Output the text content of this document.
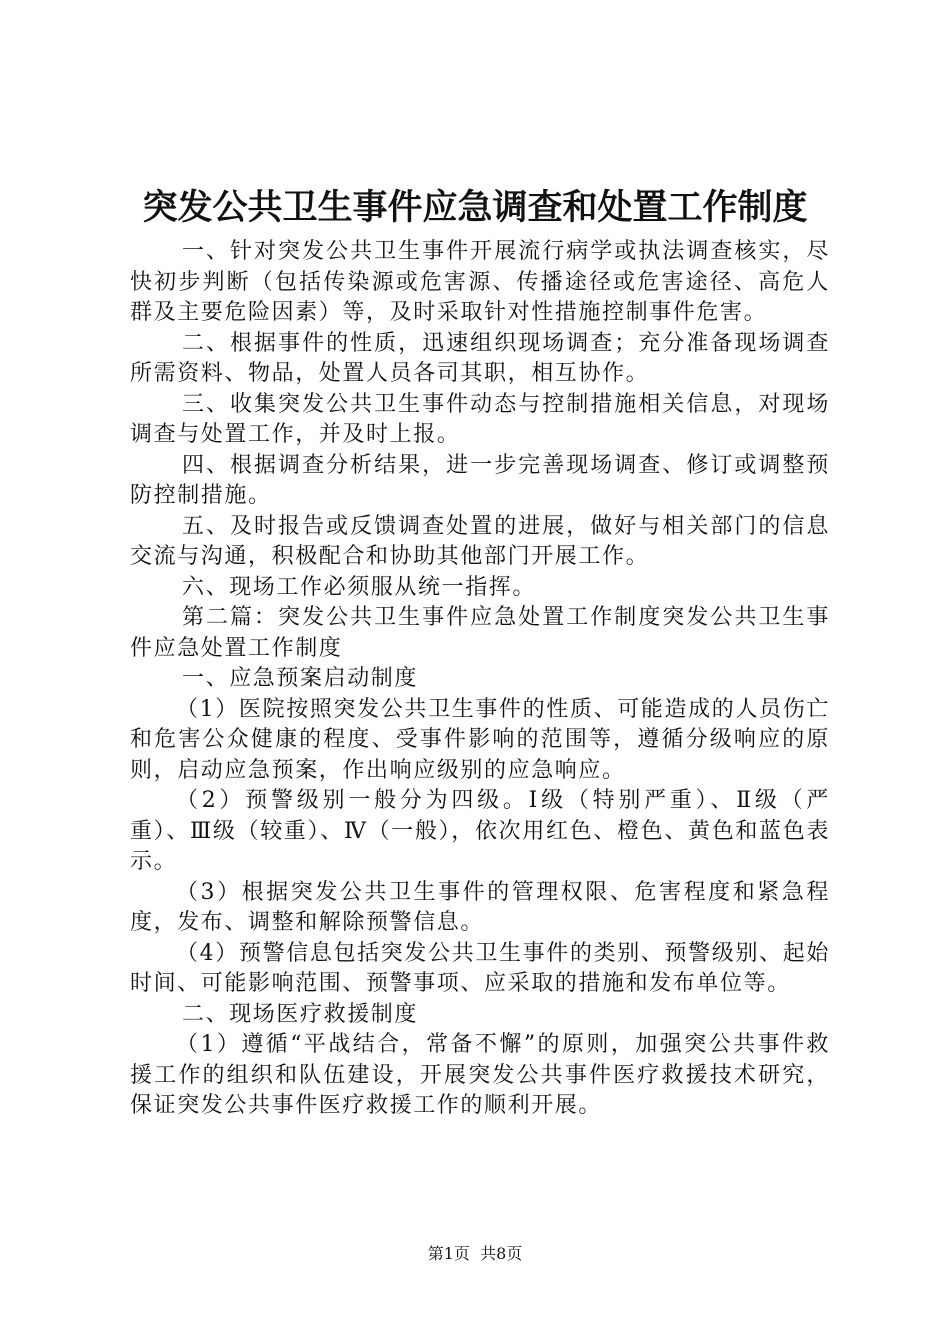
突发公共卫生事件应急调查和处置工作制度

一、针对突发公共卫生事件开展流行病学或执法调查核实，尽快初步判断（包括传染源或危害源、传播途径或危害途径、高危人群及主要危险因素）等，及时采取针对性措施控制事件危害。

二、根据事件的性质，迅速组织现场调查；充分准备现场调查所需资料、物品，处置人员各司其职，相互协作。

三、收集突发公共卫生事件动态与控制措施相关信息，对现场调查与处置工作，并及时上报。

四、根据调查分析结果，进一步完善现场调查、修订或调整预防控制措施。

五、及时报告或反馈调查处置的进展，做好与相关部门的信息交流与沟通，积极配合和协助其他部门开展工作。

六、现场工作必须服从统一指挥。

第二篇：突发公共卫生事件应急处置工作制度突发公共卫生事件应急处置工作制度

一、应急预案启动制度

（1）医院按照突发公共卫生事件的性质、可能造成的人员伤亡和危害公众健康的程度、受事件影响的范围等，遵循分级响应的原则，启动应急预案，作出响应级别的应急响应。

（2）预警级别一般分为四级。Ⅰ级（特别严重）、Ⅱ级（严重）、Ⅲ级（较重）、Ⅳ（一般），依次用红色、橙色、黄色和蓝色表示。

（3）根据突发公共卫生事件的管理权限、危害程度和紧急程度，发布、调整和解除预警信息。

（4）预警信息包括突发公共卫生事件的类别、预警级别、起始时间、可能影响范围、预警事项、应采取的措施和发布单位等。

二、现场医疗救援制度

（1）遵循“平战结合，常备不懈”的原则，加强突公共事件救援工作的组织和队伍建设，开展突发公共事件医疗救援技术研究，保证突发公共事件医疗救援工作的顺利开展。

第1页  共8页
